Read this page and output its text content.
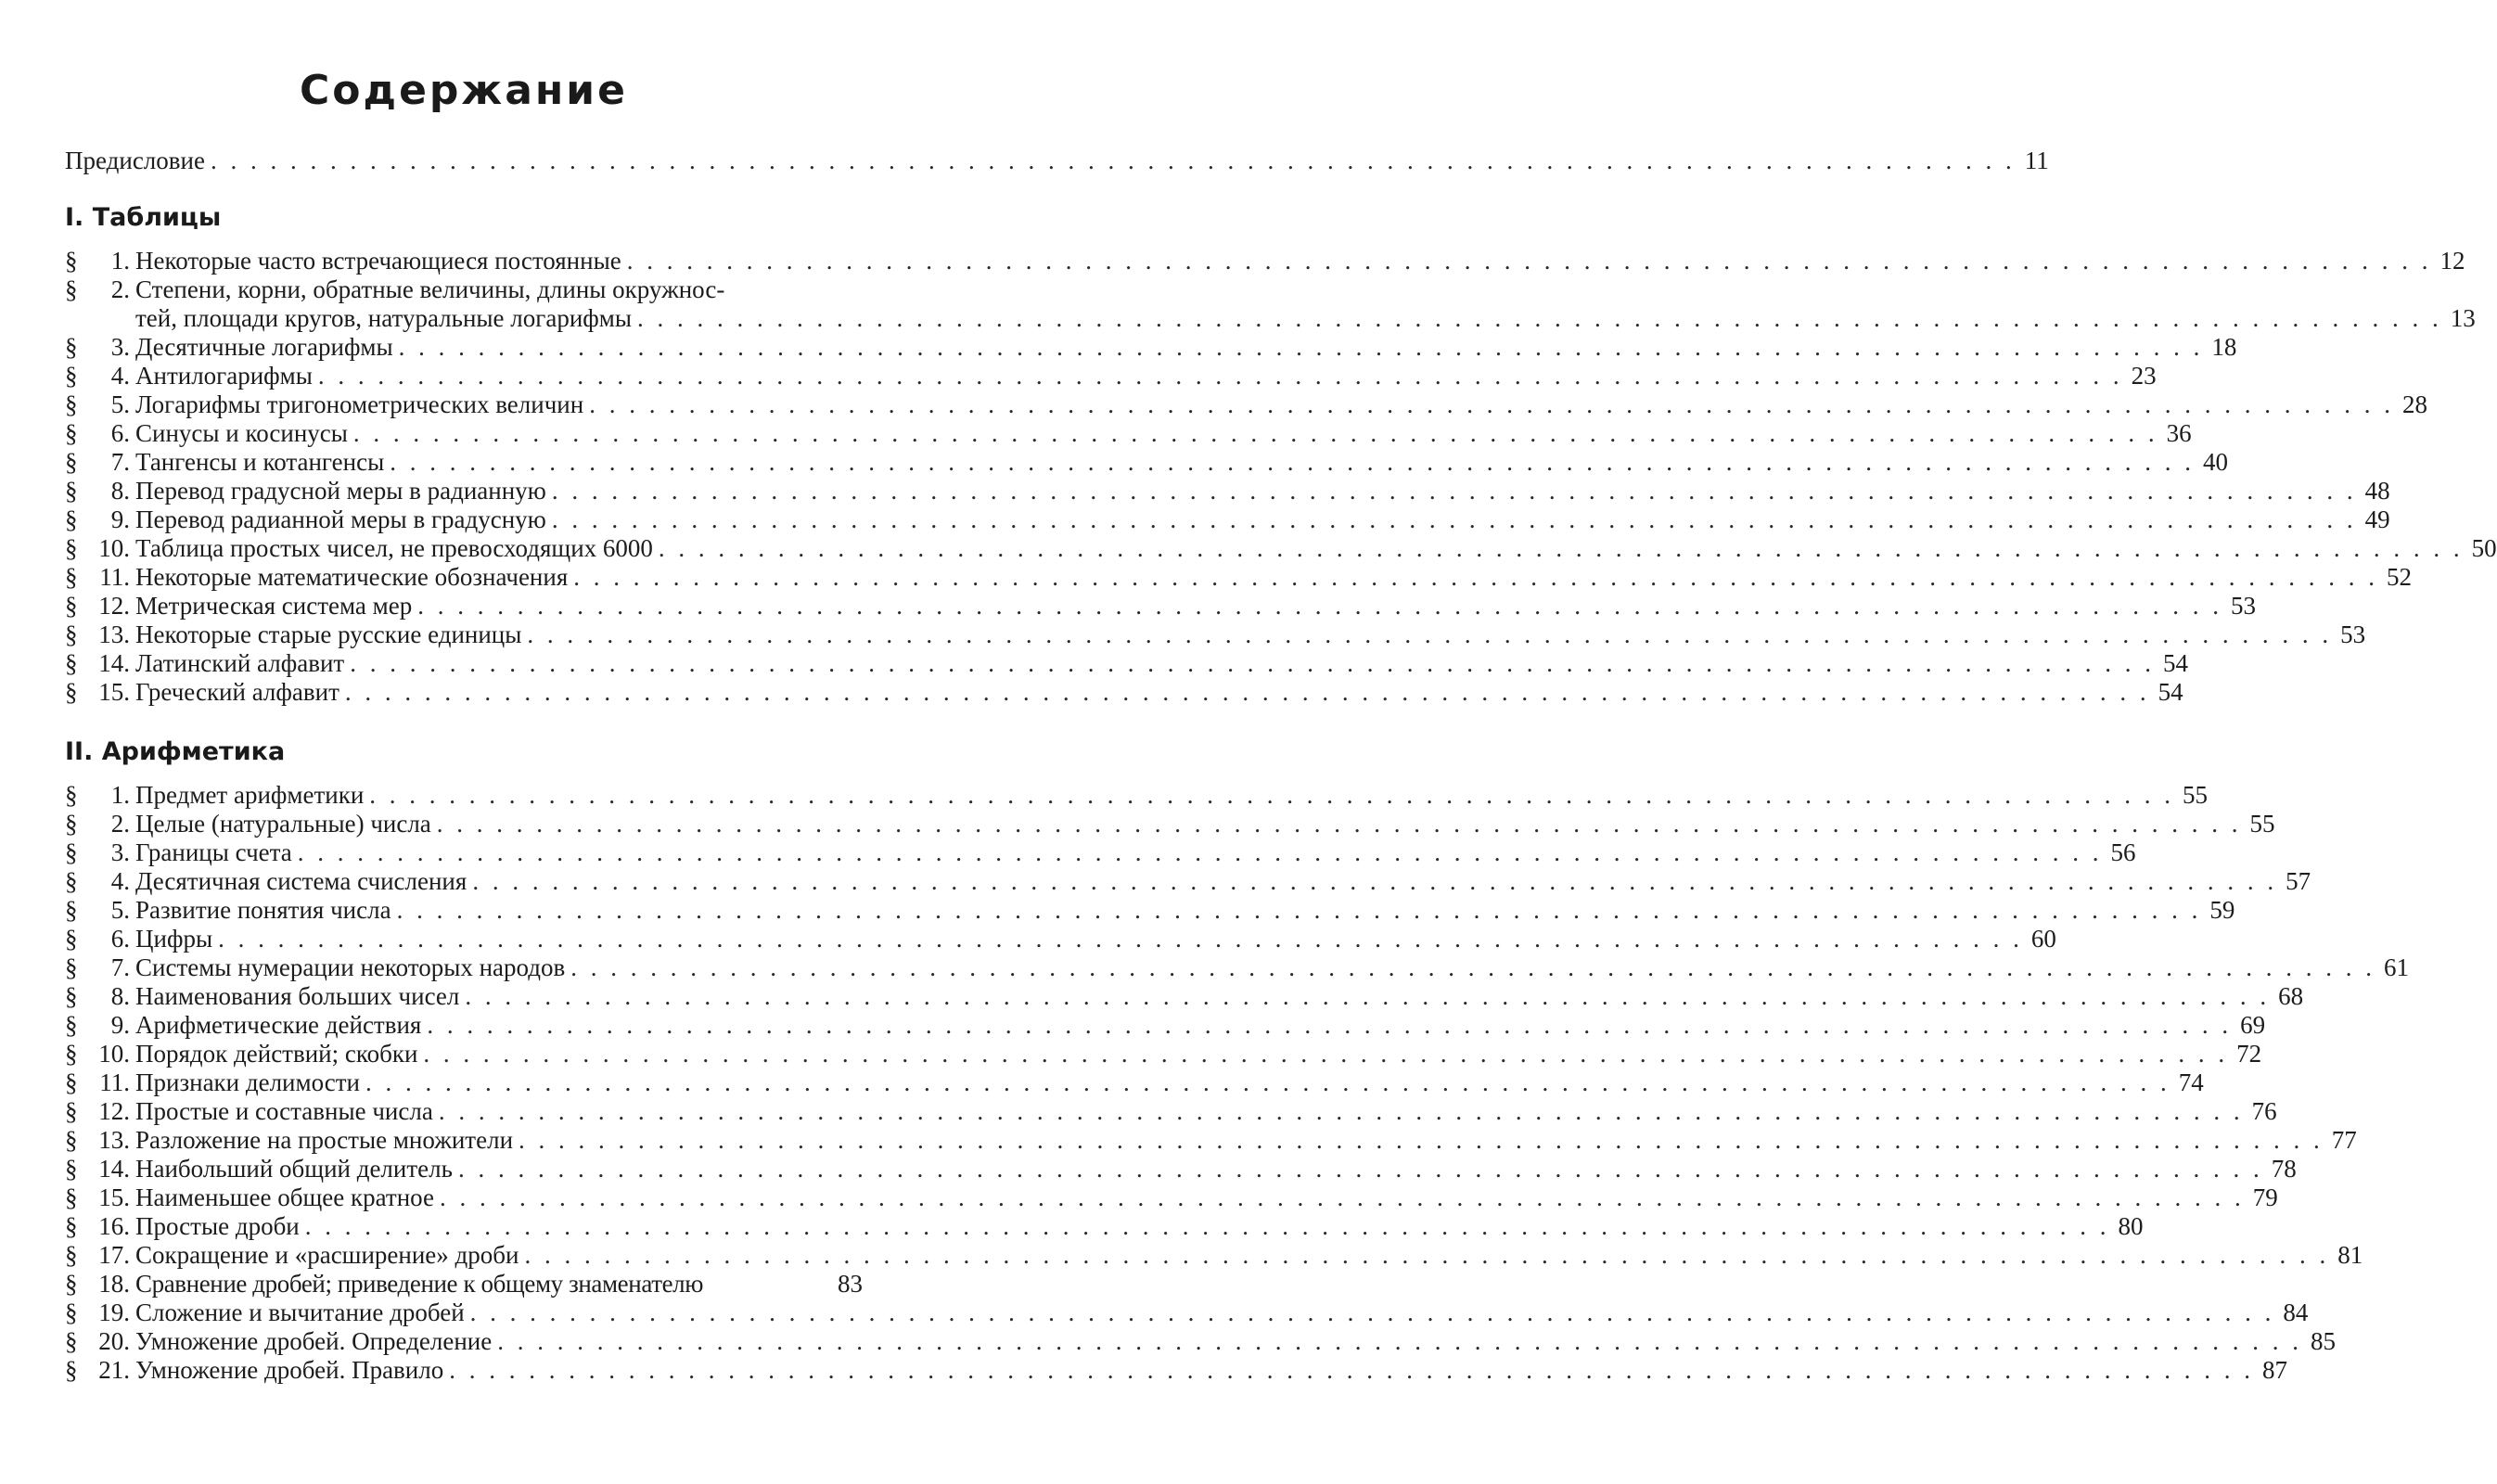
Содержание
Предисловие . . .	11
I. Таблицы
§	1. Некоторые часто встречающиеся постоянные . . .	12
§	2. Степени, корни, обратные величины, длины окружнос-
тей, площади кругов, натуральные логарифмы . . .	13
§	3. Десятичные логарифмы . . .	18
§	4. Антилогарифмы . . .	23
§	5. Логарифмы тригонометрических величин . . .	28
§	6. Синусы и косинусы . . .	36
§	7. Тангенсы и котангенсы . . .	40
§	8. Перевод градусной меры в радианную . . .	48
§	9. Перевод радианной меры в градусную . . .	49
§ 10. Таблица простых чисел, не превосходящих 6000 . . .	50
§ 11. Некоторые математические обозначения . . .	52
§ 12. Метрическая система мер . . .	53
§ 13. Некоторые старые русские единицы . . .	53
§ 14. Латинский алфавит . . .	54
§ 15. Греческий алфавит . . .	54
II. Арифметика
§	1. Предмет арифметики . . .	55
§	2. Целые (натуральные) числа . . .	55
§	3. Границы счета . . .	56
§	4. Десятичная система счисления . . .	57
§	5. Развитие понятия числа . . .	59
§	6. Цифры . . .	60
§	7. Системы нумерации некоторых народов . . .	61
§	8. Наименования больших чисел . . .	68
§	9. Арифметические действия . . .	69
§ 10. Порядок действий; скобки . . .	72
§ 11. Признаки делимости . . .	74
§ 12. Простые и составные числа . . .	76
§ 13. Разложение на простые множители . . .	77
§ 14. Наибольший общий делитель . . .	78
§ 15. Наименьшее общее кратное . . .	79
§ 16. Простые дроби . . .	80
§ 17. Сокращение и «расширение» дроби . . .	81
§ 18. Сравнение дробей; приведение к общему знаменателю	83
§ 19. Сложение и вычитание дробей . . .	84
§ 20. Умножение дробей. Определение . . .	85
§ 21. Умножение дробей. Правило . . .	87
